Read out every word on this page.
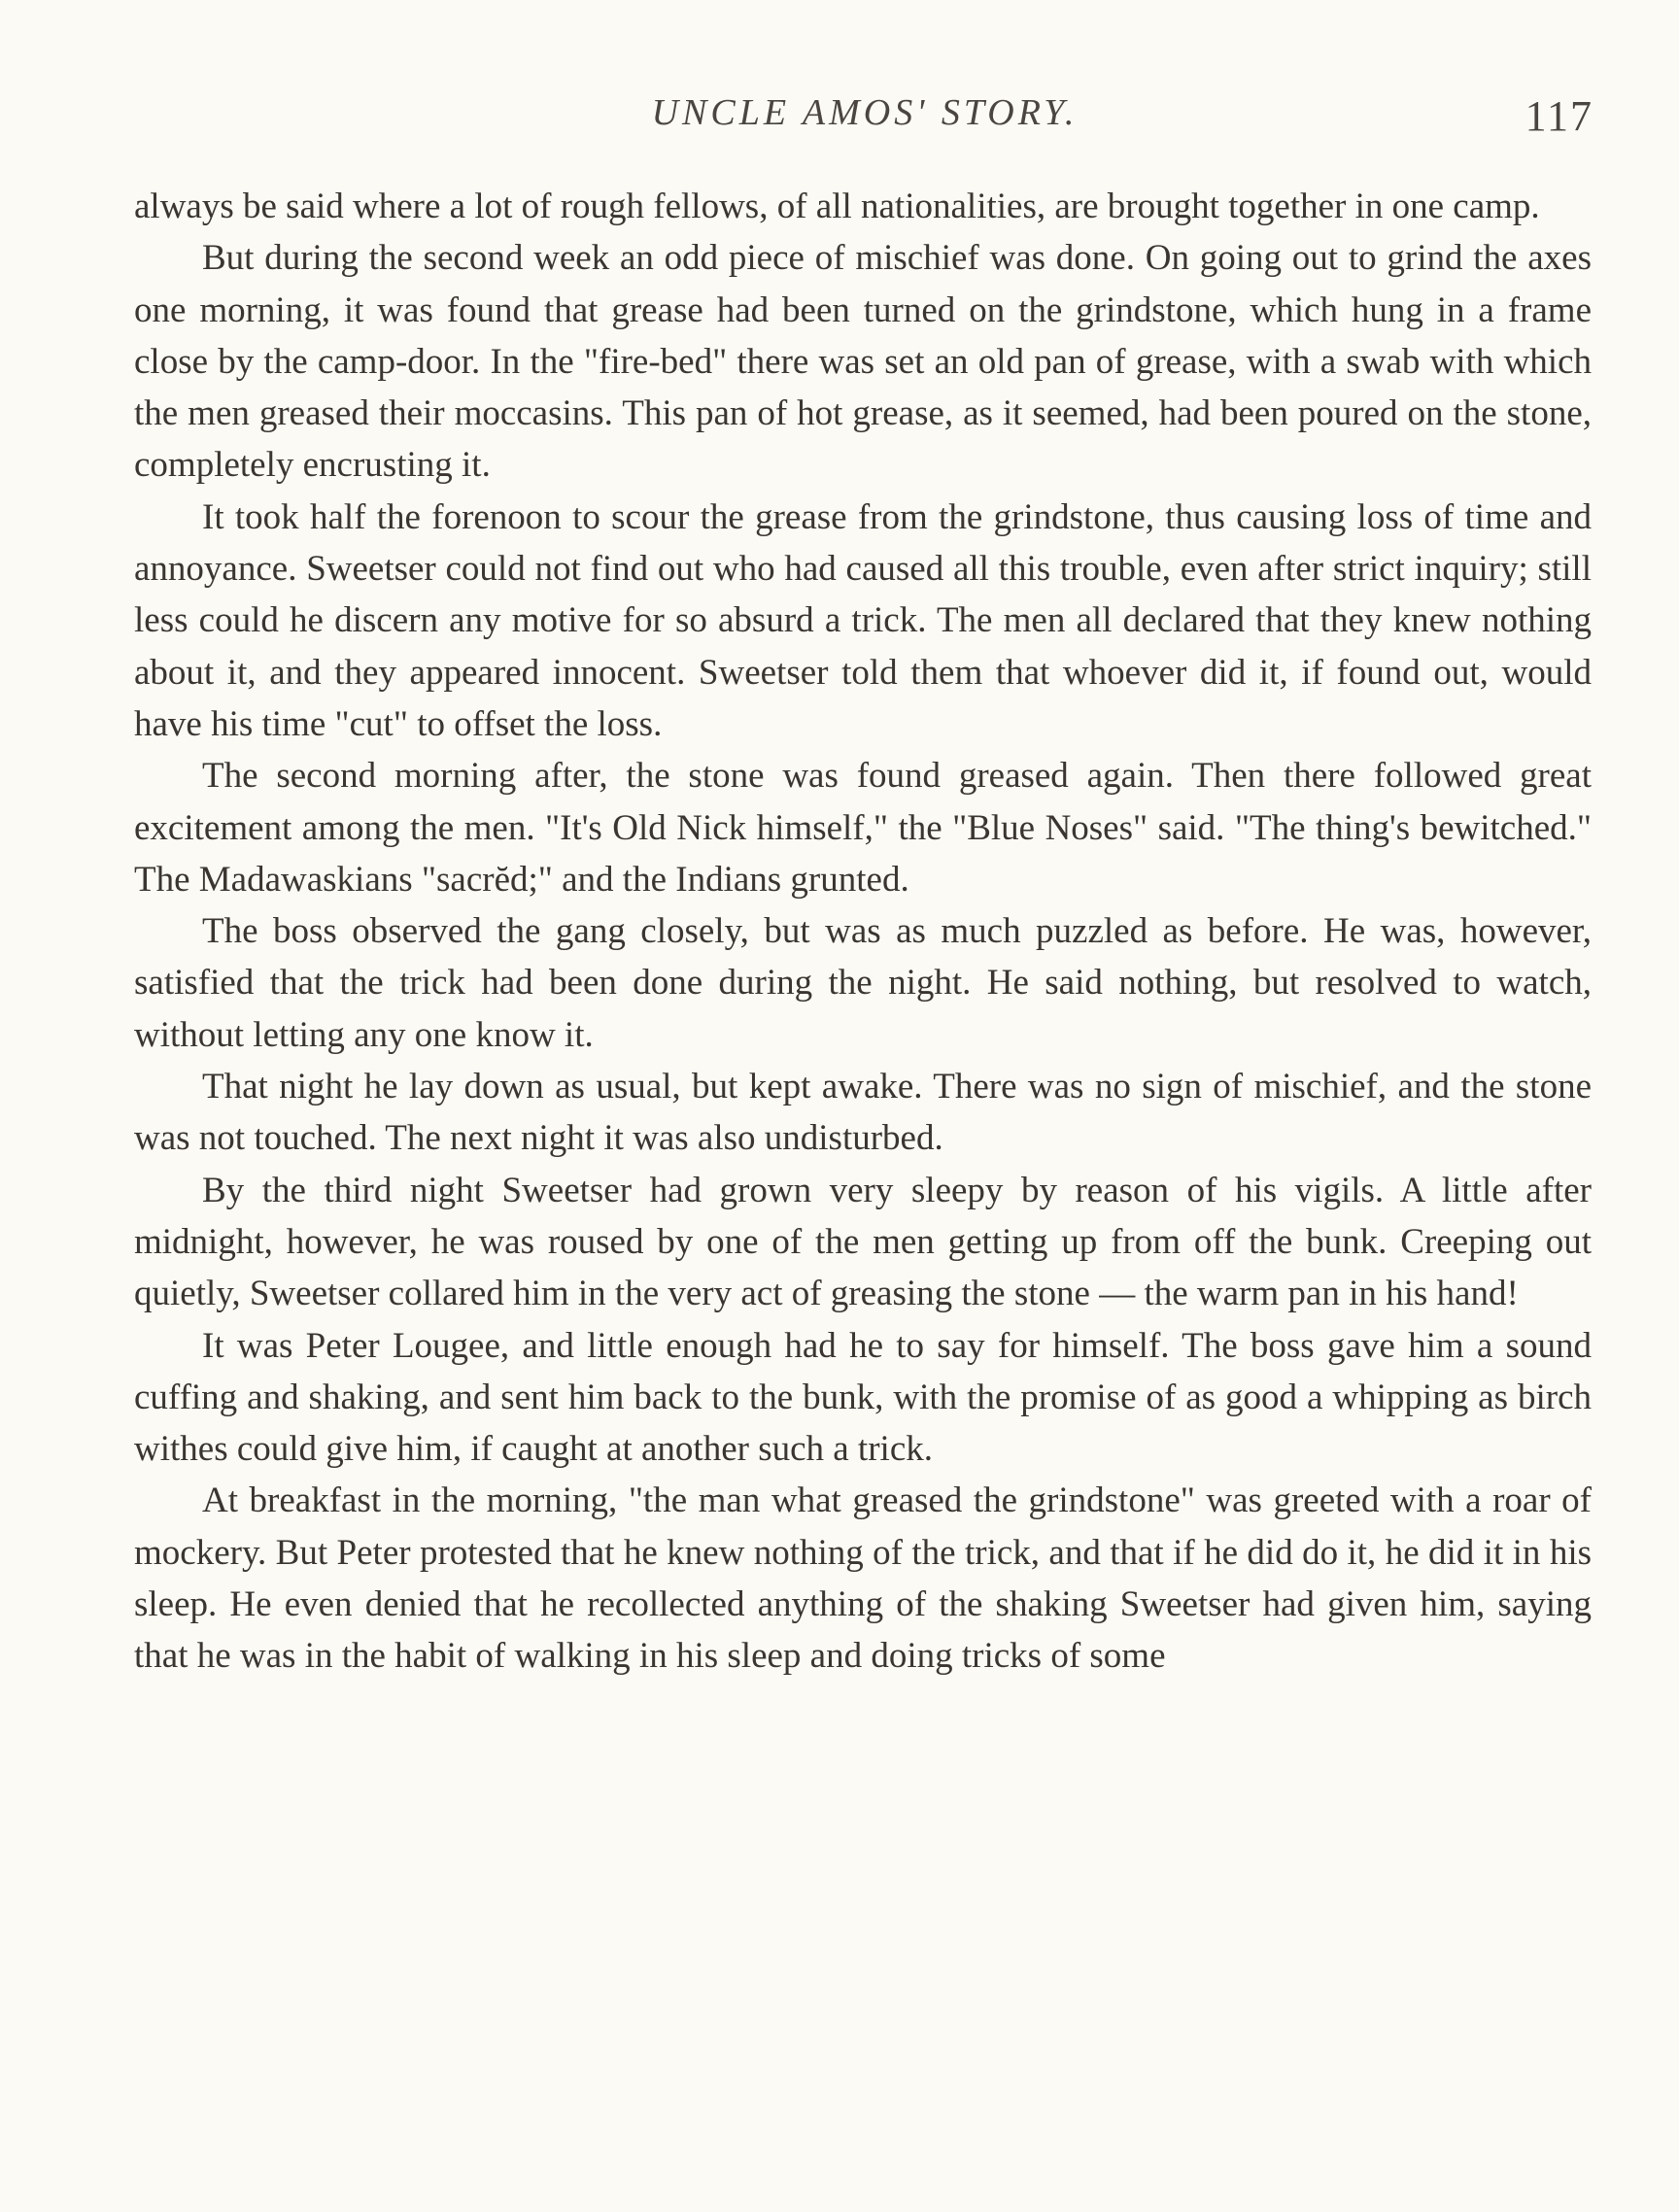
UNCLE AMOS' STORY.	117

always be said where a lot of rough fellows, of all nationalities, are brought together in one camp.

But during the second week an odd piece of mischief was done. On going out to grind the axes one morning, it was found that grease had been turned on the grindstone, which hung in a frame close by the camp-door. In the "fire-bed" there was set an old pan of grease, with a swab with which the men greased their moccasins. This pan of hot grease, as it seemed, had been poured on the stone, completely encrusting it.

It took half the forenoon to scour the grease from the grindstone, thus causing loss of time and annoyance. Sweetser could not find out who had caused all this trouble, even after strict inquiry; still less could he discern any motive for so absurd a trick. The men all declared that they knew nothing about it, and they appeared innocent. Sweetser told them that whoever did it, if found out, would have his time "cut" to offset the loss.

The second morning after, the stone was found greased again. Then there followed great excitement among the men. "It's Old Nick himself," the "Blue Noses" said. "The thing's bewitched." The Madawaskians "sacrĕd;" and the Indians grunted.

The boss observed the gang closely, but was as much puzzled as before. He was, however, satisfied that the trick had been done during the night. He said nothing, but resolved to watch, without letting any one know it.

That night he lay down as usual, but kept awake. There was no sign of mischief, and the stone was not touched. The next night it was also undisturbed.

By the third night Sweetser had grown very sleepy by reason of his vigils. A little after midnight, however, he was roused by one of the men getting up from off the bunk. Creeping out quietly, Sweetser collared him in the very act of greasing the stone — the warm pan in his hand!

It was Peter Lougee, and little enough had he to say for himself. The boss gave him a sound cuffing and shaking, and sent him back to the bunk, with the promise of as good a whipping as birch withes could give him, if caught at another such a trick.

At breakfast in the morning, "the man what greased the grindstone" was greeted with a roar of mockery. But Peter protested that he knew nothing of the trick, and that if he did do it, he did it in his sleep. He even denied that he recollected anything of the shaking Sweetser had given him, saying that he was in the habit of walking in his sleep and doing tricks of some
